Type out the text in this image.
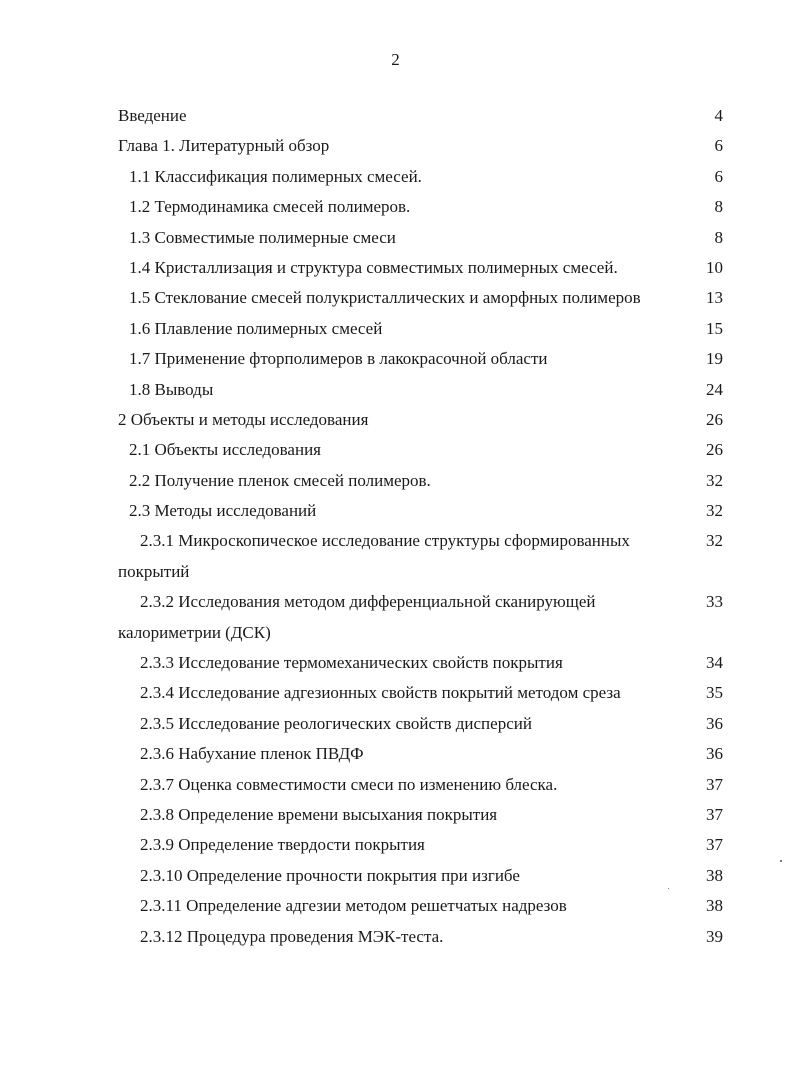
2
Введение	4
Глава 1. Литературный обзор	6
1.1 Классификация полимерных смесей.	6
1.2 Термодинамика смесей полимеров.	8
1.3 Совместимые полимерные смеси	8
1.4 Кристаллизация и структура совместимых полимерных смесей.	10
1.5 Стеклование смесей полукристаллических и аморфных полимеров	13
1.6 Плавление полимерных смесей	15
1.7 Применение фторполимеров в лакокрасочной области	19
1.8 Выводы	24
2 Объекты и методы исследования	26
2.1 Объекты исследования	26
2.2 Получение пленок смесей полимеров.	32
2.3 Методы исследований	32
2.3.1 Микроскопическое исследование структуры сформированных	32
покрытий
2.3.2 Исследования методом дифференциальной сканирующей	33
калориметрии (ДСК)
2.3.3 Исследование термомеханических свойств покрытия	34
2.3.4 Исследование адгезионных свойств покрытий методом среза	35
2.3.5 Исследование реологических свойств дисперсий	36
2.3.6 Набухание пленок ПВДФ	36
2.3.7 Оценка совместимости смеси по изменению блеска.	37
2.3.8 Определение времени высыхания покрытия	37
2.3.9 Определение твердости покрытия	37
2.3.10 Определение прочности покрытия при изгибе	38
2.3.11 Определение адгезии методом решетчатых надрезов	38
2.3.12 Процедура проведения МЭК-теста.	39
